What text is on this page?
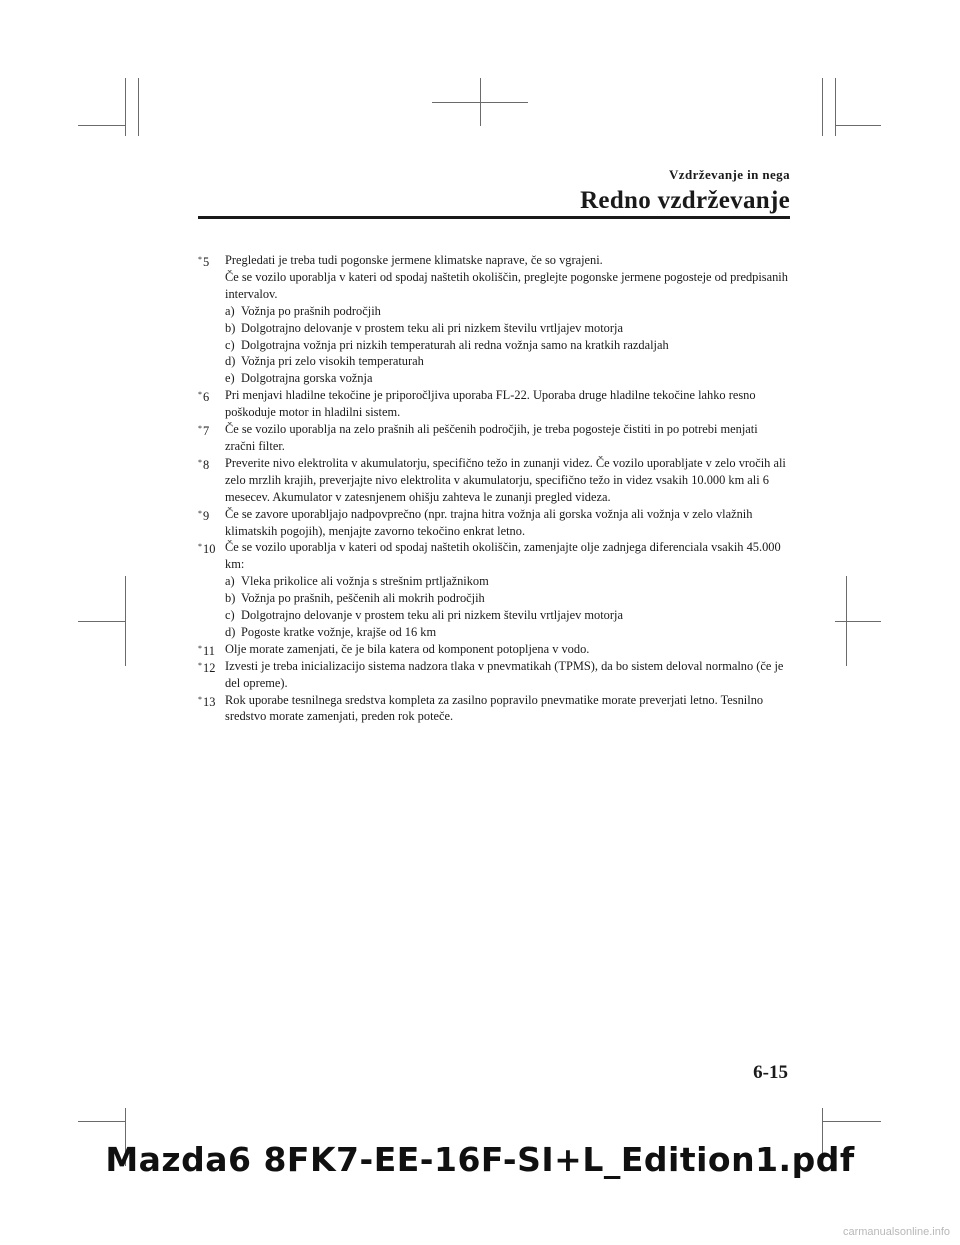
Vzdrževanje in nega
Redno vzdrževanje
*5 Pregledati je treba tudi pogonske jermene klimatske naprave, če so vgrajeni.
Če se vozilo uporablja v kateri od spodaj naštetih okoliščin, preglejte pogonske jermene pogosteje od predpisanih intervalov.
a) Vožnja po prašnih področjih
b) Dolgotrajno delovanje v prostem teku ali pri nizkem številu vrtljajev motorja
c) Dolgotrajna vožnja pri nizkih temperaturah ali redna vožnja samo na kratkih razdaljah
d) Vožnja pri zelo visokih temperaturah
e) Dolgotrajna gorska vožnja
*6 Pri menjavi hladilne tekočine je priporočljiva uporaba FL-22. Uporaba druge hladilne tekočine lahko resno poškoduje motor in hladilni sistem.
*7 Če se vozilo uporablja na zelo prašnih ali peščenih področjih, je treba pogosteje čistiti in po potrebi menjati zračni filter.
*8 Preverite nivo elektrolita v akumulatorju, specifično težo in zunanji videz. Če vozilo uporabljate v zelo vročih ali zelo mrzlih krajih, preverjajte nivo elektrolita v akumulatorju, specifično težo in videz vsakih 10.000 km ali 6 mesecev. Akumulator v zatesnjenem ohišju zahteva le zunanji pregled videza.
*9 Če se zavore uporabljajo nadpovprečno (npr. trajna hitra vožnja ali gorska vožnja ali vožnja v zelo vlažnih klimatskih pogojih), menjajte zavorno tekočino enkrat letno.
*10 Če se vozilo uporablja v kateri od spodaj naštetih okoliščin, zamenjajte olje zadnjega diferenciala vsakih 45.000 km:
a) Vleka prikolice ali vožnja s strešnim prtljažnikom
b) Vožnja po prašnih, peščenih ali mokrih področjih
c) Dolgotrajno delovanje v prostem teku ali pri nizkem številu vrtljajev motorja
d) Pogoste kratke vožnje, krajše od 16 km
*11 Olje morate zamenjati, če je bila katera od komponent potopljena v vodo.
*12 Izvesti je treba inicializacijo sistema nadzora tlaka v pnevmatikah (TPMS), da bo sistem deloval normalno (če je del opreme).
*13 Rok uporabe tesnilnega sredstva kompleta za zasilno popravilo pnevmatike morate preverjati letno. Tesnilno sredstvo morate zamenjati, preden rok poteče.
6-15
Mazda6 8FK7-EE-16F-SI+L_Edition1.pdf
carmanualsonline.info
